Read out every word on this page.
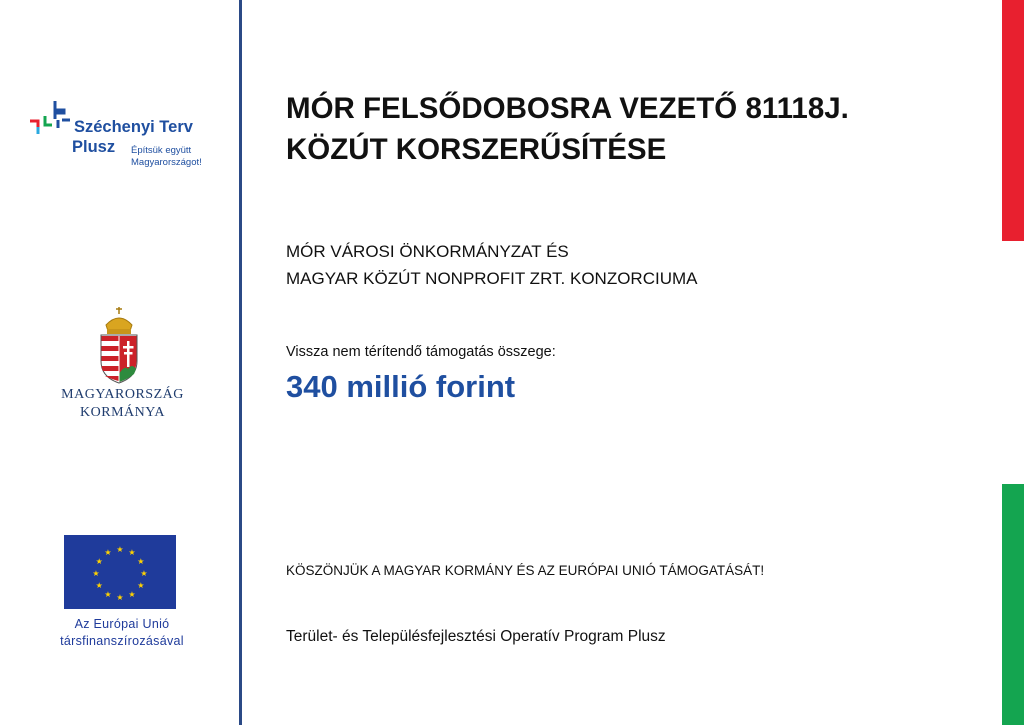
Széchenyi Terv
Plusz Építsük együtt
Magyarországot!
MAGYARORSZÁG
KORMÁNYA
★ ★
★
★
★
★
★
★
★
★
★
★
Az Európai Unió
társfinanszírozásával
MÓR FELSŐDOBOSRA VEZETŐ 81118J.
KÖZÚT KORSZERŰSÍTÉSE
MÓR VÁROSI ÖNKORMÁNYZAT ÉS
MAGYAR KÖZÚT NONPROFIT ZRT. KONZORCIUMA
Vissza nem térítendő támogatás összege:
340 millió forint
KÖSZÖNJÜK A MAGYAR KORMÁNY ÉS AZ EURÓPAI UNIÓ TÁMOGATÁSÁT!
Terület- és Településfejlesztési Operatív Program Plusz
